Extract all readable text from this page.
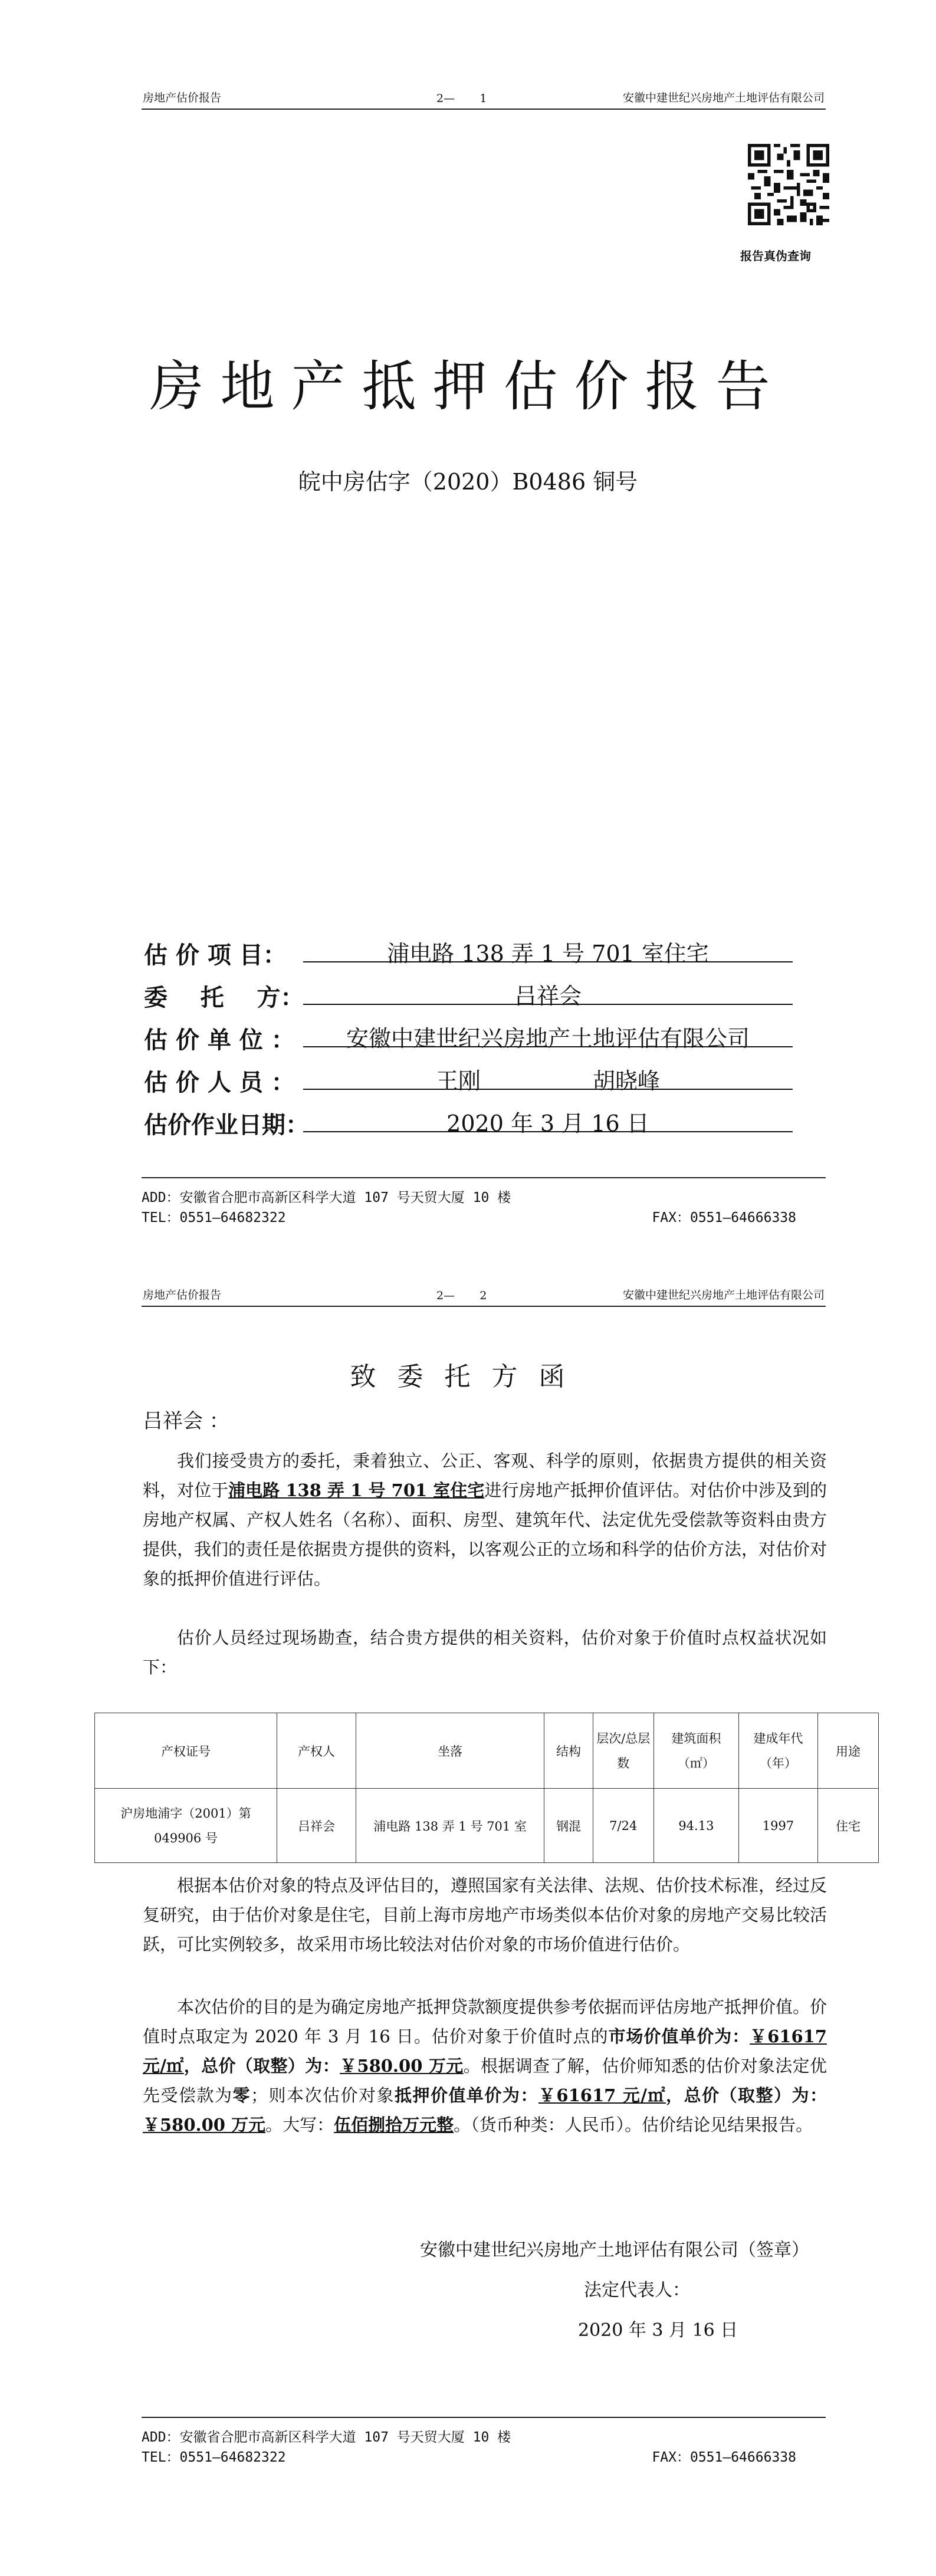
房地产估价报告	2—       1	安徽中建世纪兴房地产土地评估有限公司
报告真伪查询
房地产抵押估价报告
皖中房估字（2020）B0486 铜号
估 价 项 目：	浦电路 138 弄 1 号 701 室住宅
委    托    方：	吕祥会
估 价 单 位 ：	安徽中建世纪兴房地产土地评估有限公司
估 价 人 员 ：	王刚	胡晓峰
估价作业日期：	2020 年 3 月 16 日
ADD：安徽省合肥市高新区科学大道 107 号天贸大厦 10 楼
TEL：0551—64682322	FAX：0551—64666338
房地产估价报告	2—       2	安徽中建世纪兴房地产土地评估有限公司
致委托方函
吕祥会 ：
我们接受贵方的委托，秉着独立、公正、客观、科学的原则，依据贵方提供的相关资料，对位于浦电路 138 弄 1 号 701 室住宅进行房地产抵押价值评估。对估价中涉及到的房地产权属、产权人姓名（名称）、面积、房型、建筑年代、法定优先受偿款等资料由贵方提供，我们的责任是依据贵方提供的资料，以客观公正的立场和科学的估价方法，对估价对象的抵押价值进行评估。
估价人员经过现场勘查，结合贵方提供的相关资料，估价对象于价值时点权益状况如下：
产权证号	产权人	坐落	结构	层次/总层数	建筑面积（㎡）	建成年代（年）	用途
沪房地浦字（2001）第049906 号	吕祥会	浦电路 138 弄 1 号 701 室	钢混	7/24	94.13	1997	住宅
根据本估价对象的特点及评估目的，遵照国家有关法律、法规、估价技术标准，经过反复研究，由于估价对象是住宅，目前上海市房地产市场类似本估价对象的房地产交易比较活跃，可比实例较多，故采用市场比较法对估价对象的市场价值进行估价。
本次估价的目的是为确定房地产抵押贷款额度提供参考依据而评估房地产抵押价值。价值时点取定为 2020 年 3 月 16 日。估价对象于价值时点的市场价值单价为：￥61617 元/㎡，总价（取整）为：￥580.00 万元。根据调查了解，估价师知悉的估价对象法定优先受偿款为零；则本次估价对象抵押价值单价为：￥61617 元/㎡，总价（取整）为：￥580.00 万元。大写：伍佰捌拾万元整。（货币种类：人民币）。估价结论见结果报告。
安徽中建世纪兴房地产土地评估有限公司（签章）
法定代表人：
2020 年 3 月 16 日
ADD：安徽省合肥市高新区科学大道 107 号天贸大厦 10 楼
TEL：0551—64682322	FAX：0551—64666338
